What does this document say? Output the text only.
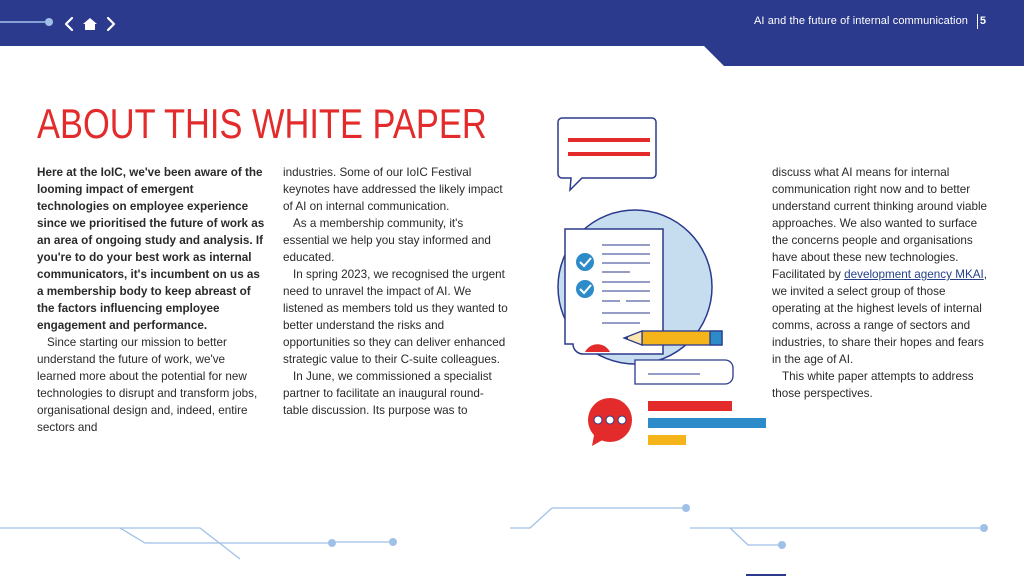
AI and the future of internal communication 5
ABOUT THIS WHITE PAPER

Here at the IoIC, we've been aware of the looming impact of emergent technologies on employee experience since we prioritised the future of work as an area of ongoing study and analysis. If you're to do your best work as internal communicators, it's incumbent on us as a membership body to keep abreast of the factors influencing employee engagement and performance.

Since starting our mission to better understand the future of work, we've learned more about the potential for new technologies to disrupt and transform jobs, organisational design and, indeed, entire sectors and

industries. Some of our IoIC Festival keynotes have addressed the likely impact of AI on internal communication.

As a membership community, it's essential we help you stay informed and educated.

In spring 2023, we recognised the urgent need to unravel the impact of AI. We listened as members told us they wanted to better understand the risks and opportunities so they can deliver enhanced strategic value to their C-suite colleagues.

In June, we commissioned a specialist partner to facilitate an inaugural round-table discussion. Its purpose was to

discuss what AI means for internal communication right now and to better understand current thinking around viable approaches. We also wanted to surface the concerns people and organisations have about these new technologies. Facilitated by development agency MKAI, we invited a select group of those operating at the highest levels of internal comms, across a range of sectors and industries, to share their hopes and fears in the age of AI.

This white paper attempts to address those perspectives.
